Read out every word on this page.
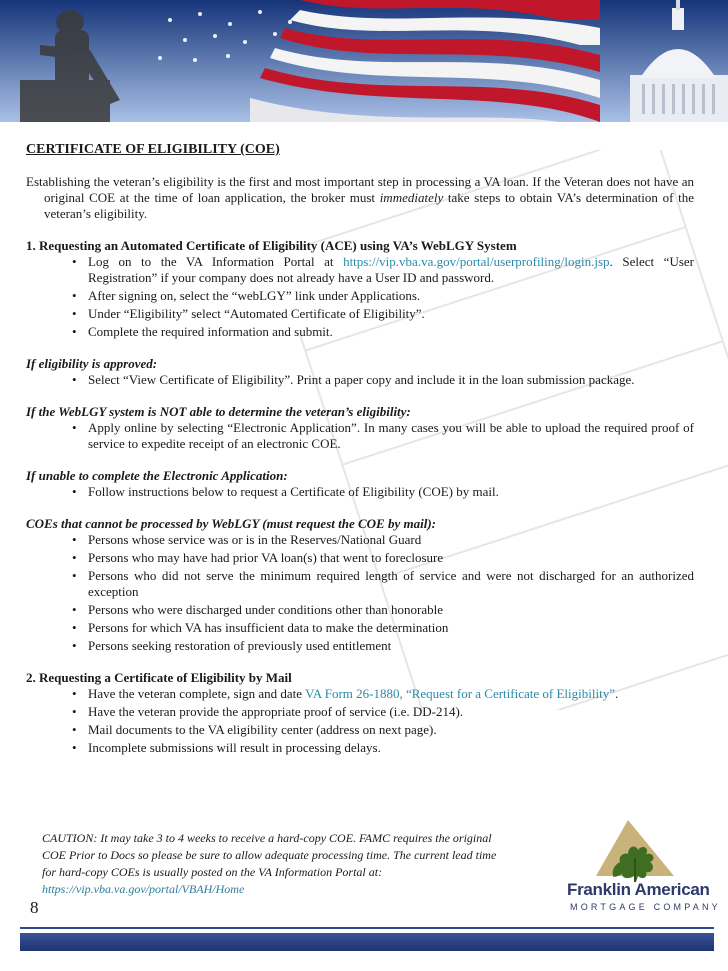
CERTIFICATE OF ELIGIBILITY (COE)
Establishing the veteran’s eligibility is the first and most important step in processing a VA loan. If the Veteran does not have an original COE at the time of loan application, the broker must immediately take steps to obtain VA’s determination of the veteran’s eligibility.
1. Requesting an Automated Certificate of Eligibility (ACE) using VA’s WebLGY System
• Log on to the VA Information Portal at https://vip.vba.va.gov/portal/userprofiling/login.jsp. Select “User Registration” if your company does not already have a User ID and password.
• After signing on, select the “webLGY” link under Applications.
• Under “Eligibility” select “Automated Certificate of Eligibility”.
• Complete the required information and submit.
If eligibility is approved:
• Select “View Certificate of Eligibility”. Print a paper copy and include it in the loan submission package.
If the WebLGY system is NOT able to determine the veteran’s eligibility:
• Apply online by selecting “Electronic Application”. In many cases you will be able to upload the required proof of service to expedite receipt of an electronic COE.
If unable to complete the Electronic Application:
• Follow instructions below to request a Certificate of Eligibility (COE) by mail.
COEs that cannot be processed by WebLGY (must request the COE by mail):
• Persons whose service was or is in the Reserves/National Guard
• Persons who may have had prior VA loan(s) that went to foreclosure
• Persons who did not serve the minimum required length of service and were not discharged for an authorized exception
• Persons who were discharged under conditions other than honorable
• Persons for which VA has insufficient data to make the determination
• Persons seeking restoration of previously used entitlement
2. Requesting a Certificate of Eligibility by Mail
• Have the veteran complete, sign and date VA Form 26-1880, “Request for a Certificate of Eligibility”.
• Have the veteran provide the appropriate proof of service (i.e. DD-214).
• Mail documents to the VA eligibility center (address on next page).
• Incomplete submissions will result in processing delays.
CAUTION: It may take 3 to 4 weeks to receive a hard-copy COE. FAMC requires the original
COE Prior to Docs so please be sure to allow adequate processing time. The current lead time
for hard-copy COEs is usually posted on the VA Information Portal at:
https://vip.vba.va.gov/portal/VBAH/Home
8
Franklin American
MORTGAGE COMPANY
